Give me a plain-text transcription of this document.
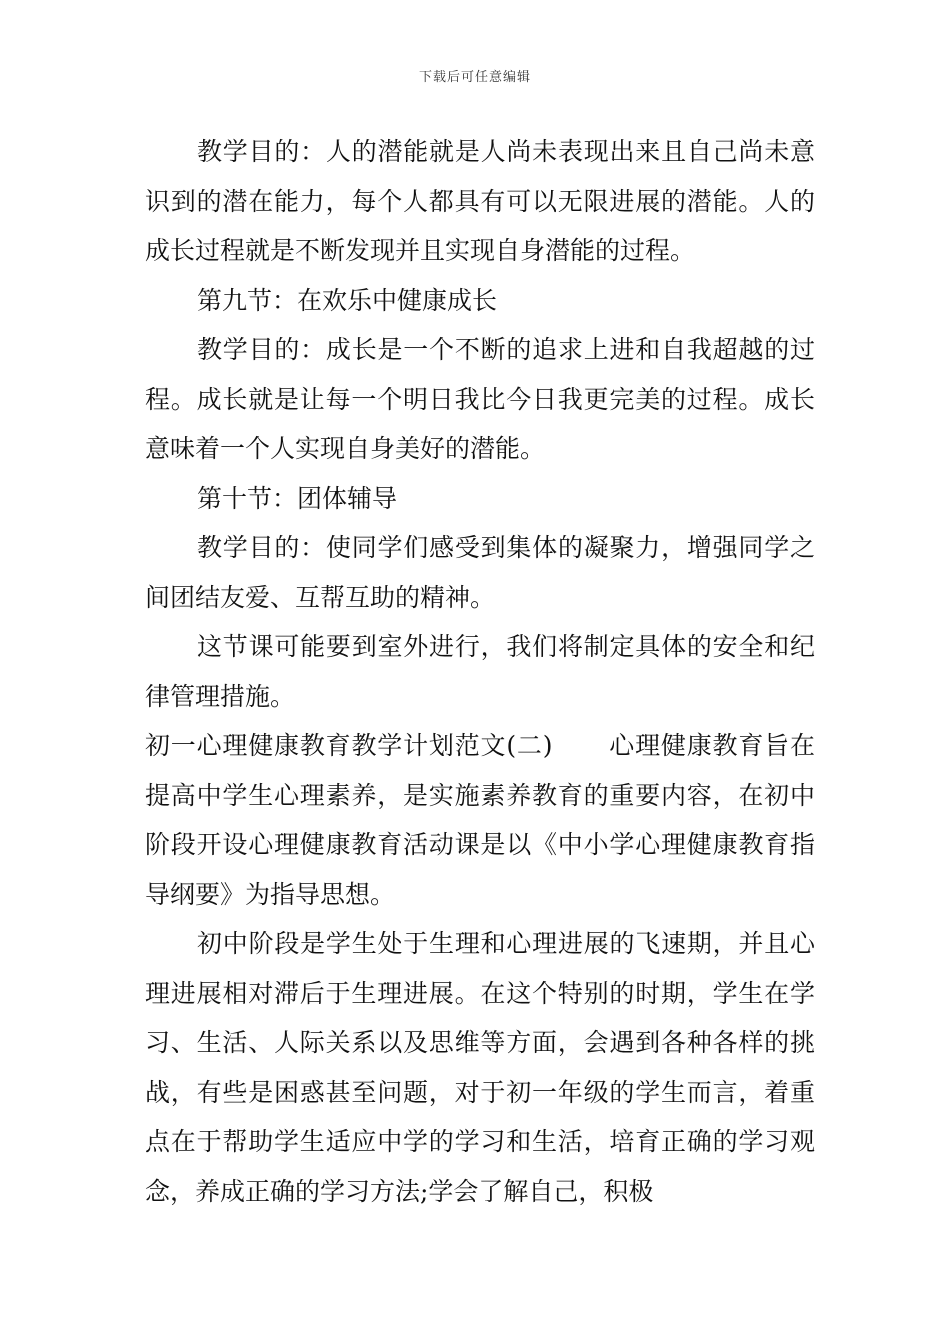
下载后可任意编辑

教学目的：人的潜能就是人尚未表现出来且自己尚未意识到的潜在能力，每个人都具有可以无限进展的潜能。人的成长过程就是不断发现并且实现自身潜能的过程。

第九节：在欢乐中健康成长

教学目的：成长是一个不断的追求上进和自我超越的过程。成长就是让每一个明日我比今日我更完美的过程。成长意味着一个人实现自身美好的潜能。

第十节：团体辅导

教学目的：使同学们感受到集体的凝聚力，增强同学之间团结友爱、互帮互助的精神。

这节课可能要到室外进行，我们将制定具体的安全和纪律管理措施。

初一心理健康教育教学计划范文(二) 心理健康教育旨在提高中学生心理素养，是实施素养教育的重要内容，在初中阶段开设心理健康教育活动课是以《中小学心理健康教育指导纲要》为指导思想。

初中阶段是学生处于生理和心理进展的飞速期，并且心理进展相对滞后于生理进展。在这个特别的时期，学生在学习、生活、人际关系以及思维等方面，会遇到各种各样的挑战，有些是困惑甚至问题，对于初一年级的学生而言，着重点在于帮助学生适应中学的学习和生活，培育正确的学习观念，养成正确的学习方法;学会了解自己，积极
